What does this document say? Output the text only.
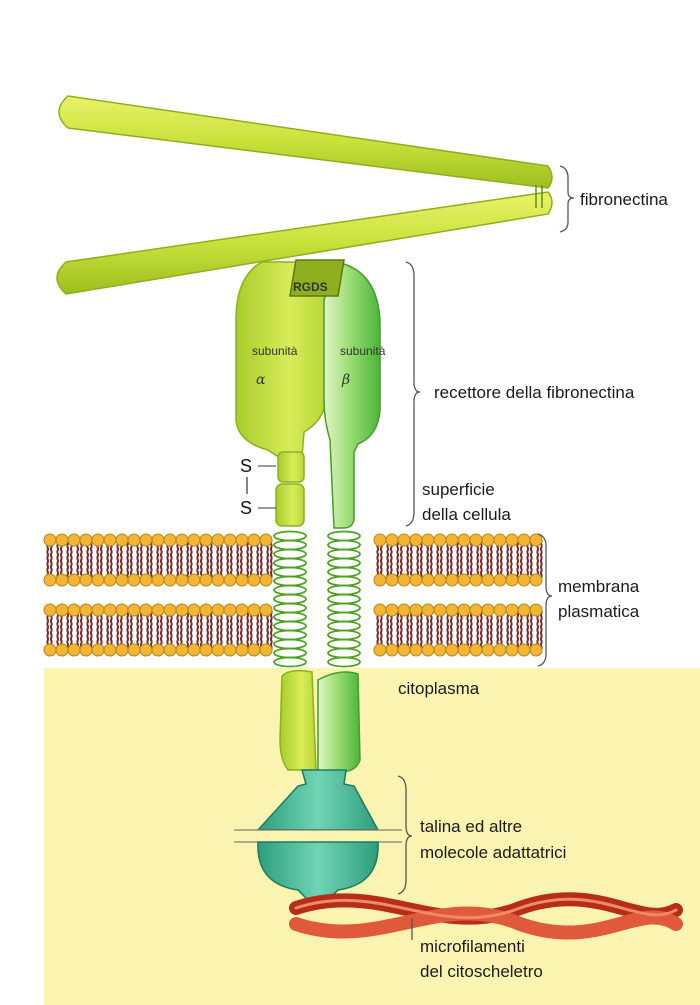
RGDS
subunità
α
subunità
β
S
S
fibronectina
recettore della fibronectina
superficie
della cellula
membrana
plasmatica
citoplasma
talina ed altre
molecole adattatrici
microfilamenti
del citoscheletro
